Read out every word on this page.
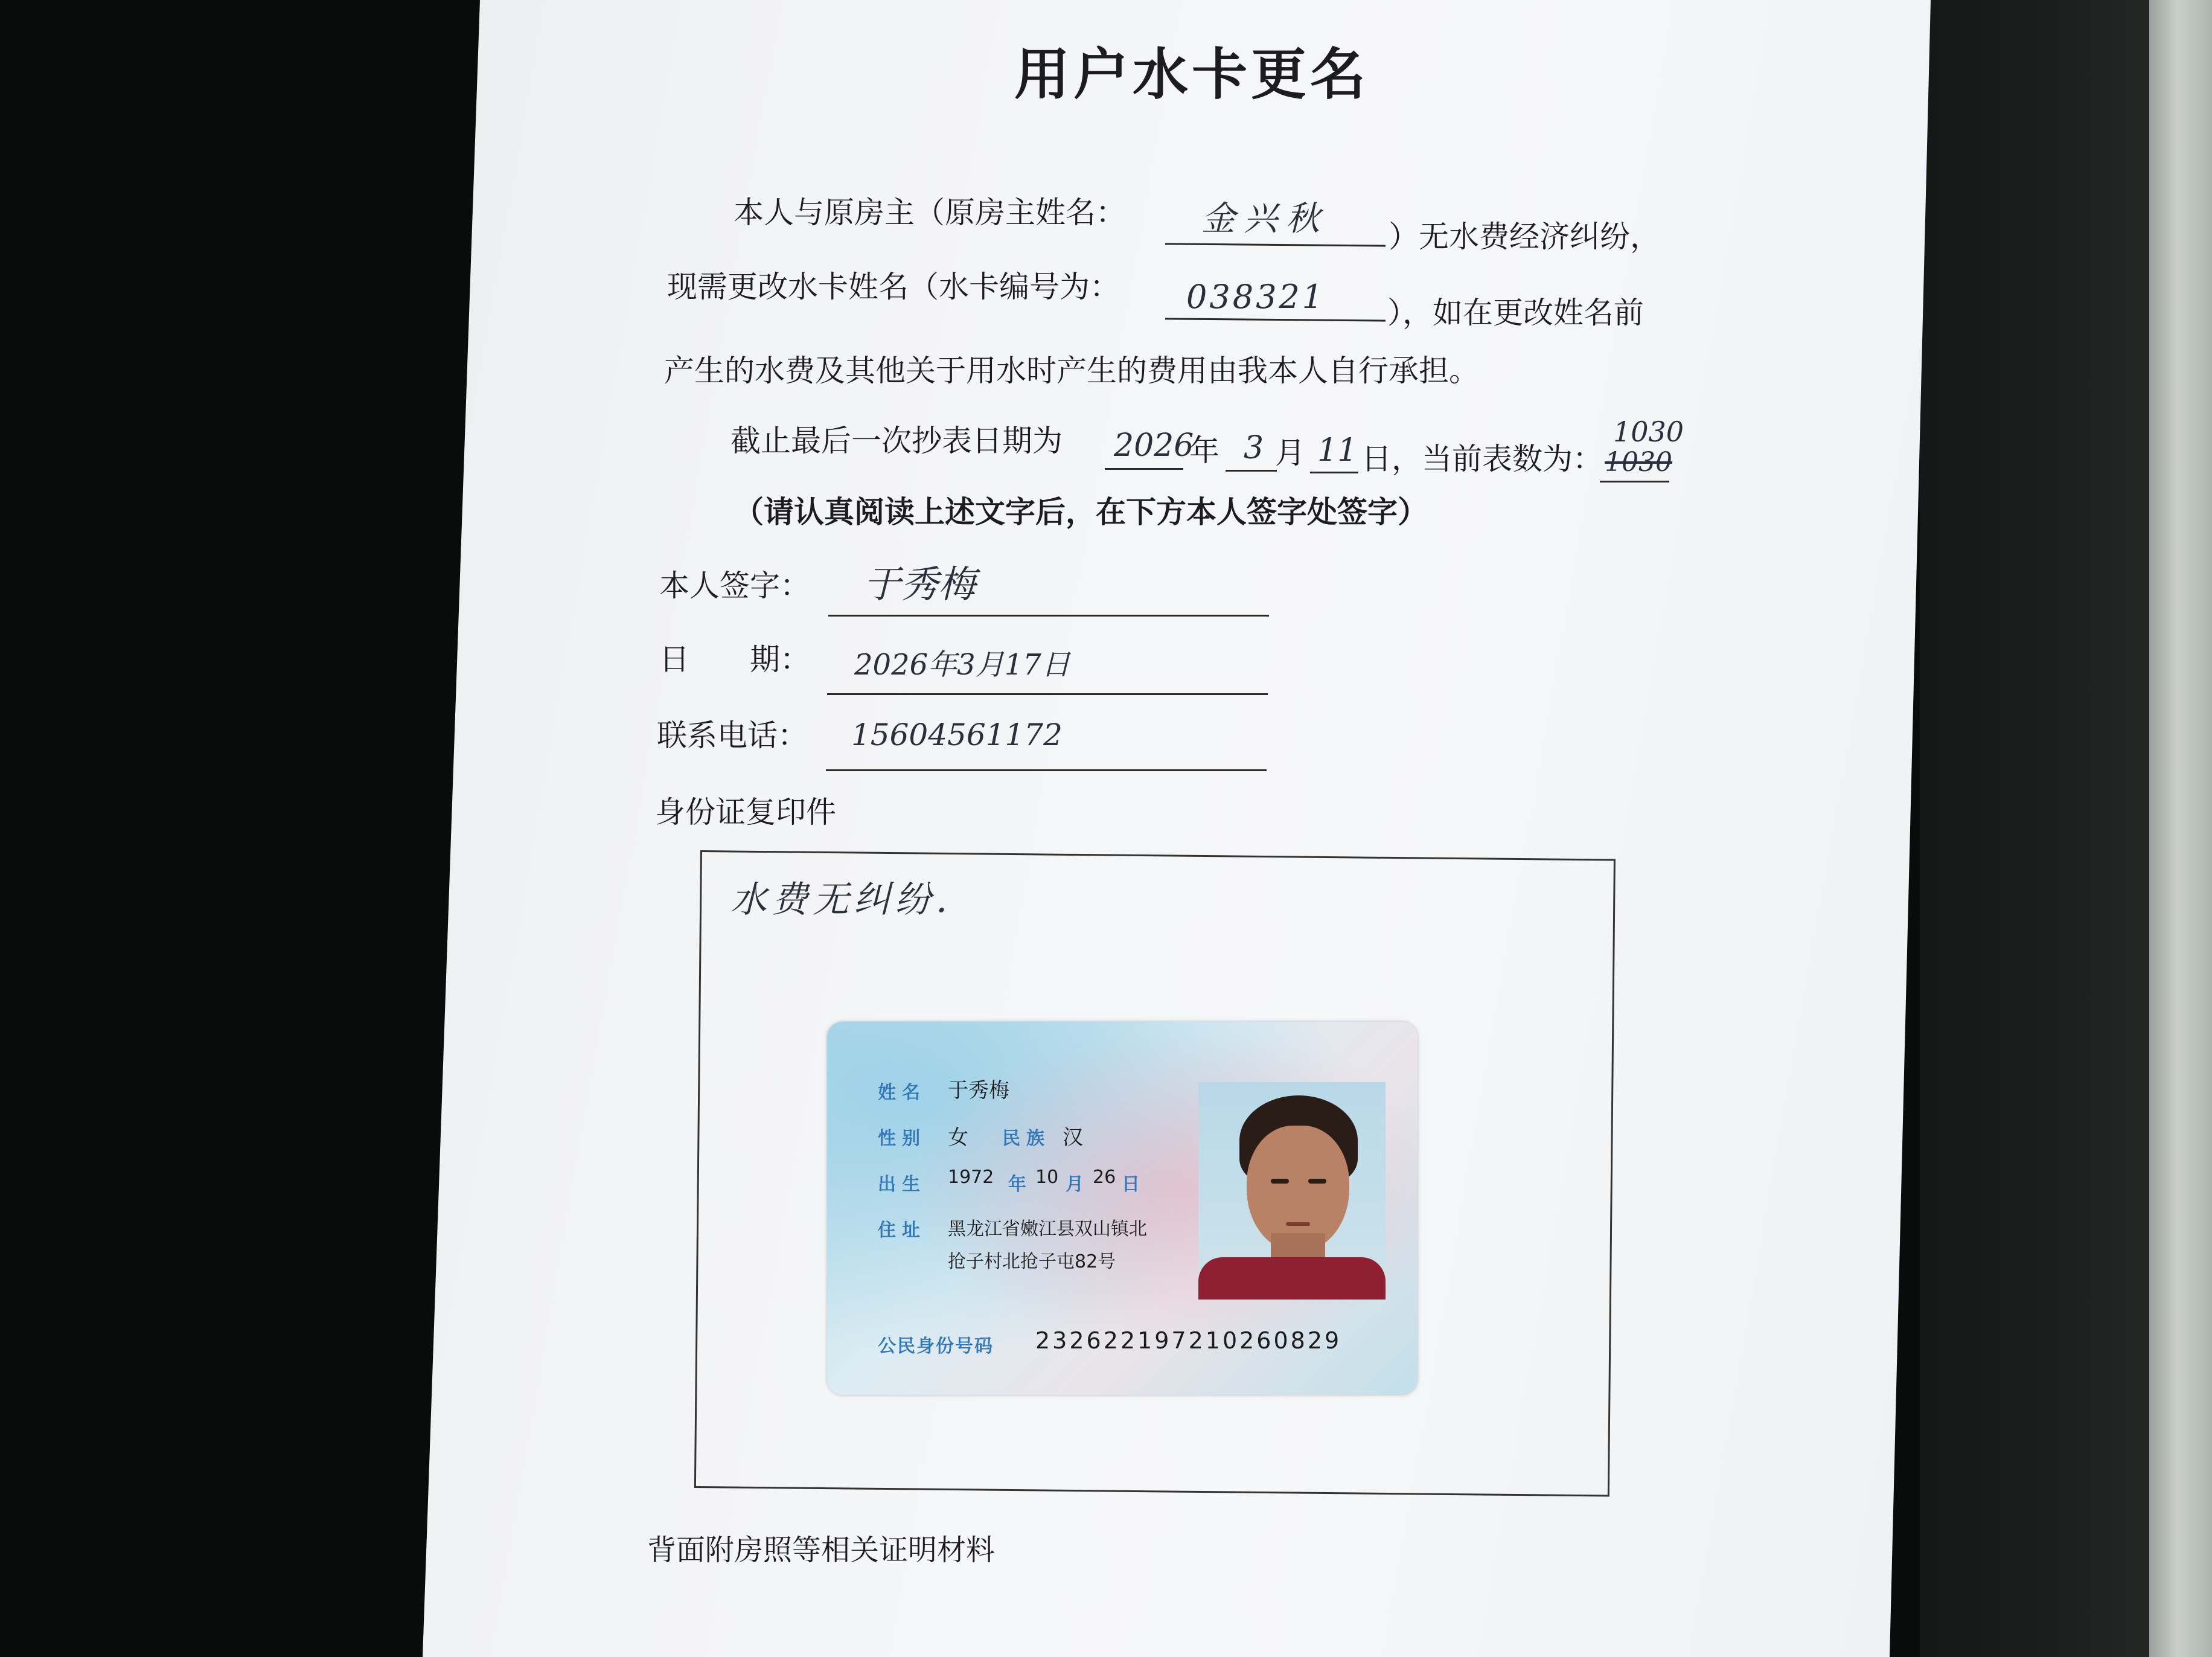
用户水卡更名
本人与原房主（原房主姓名： 金兴秋 ）无水费经济纠纷，
现需更改水卡姓名（水卡编号为： 038321 ），如在更改姓名前
产生的水费及其他关于用水时产生的费用由我本人自行承担。
截止最后一次抄表日期为 2026
年 3 月 11 日，当前表数为：
1030
1030
（请认真阅读上述文字后，在下方本人签字处签字）
本人签字： 于秀梅
日　　期： 2026年3月17日
联系电话： 15604561172
身份证复印件
水费无纠纷.
姓名 于秀梅
性别 女 民族 汉
出生 1972 年 10 月 26 日
住址 黑龙江省嫩江县双山镇北
抢子村北抢子屯82号
公民身份号码 232622197210260829
背面附房照等相关证明材料
